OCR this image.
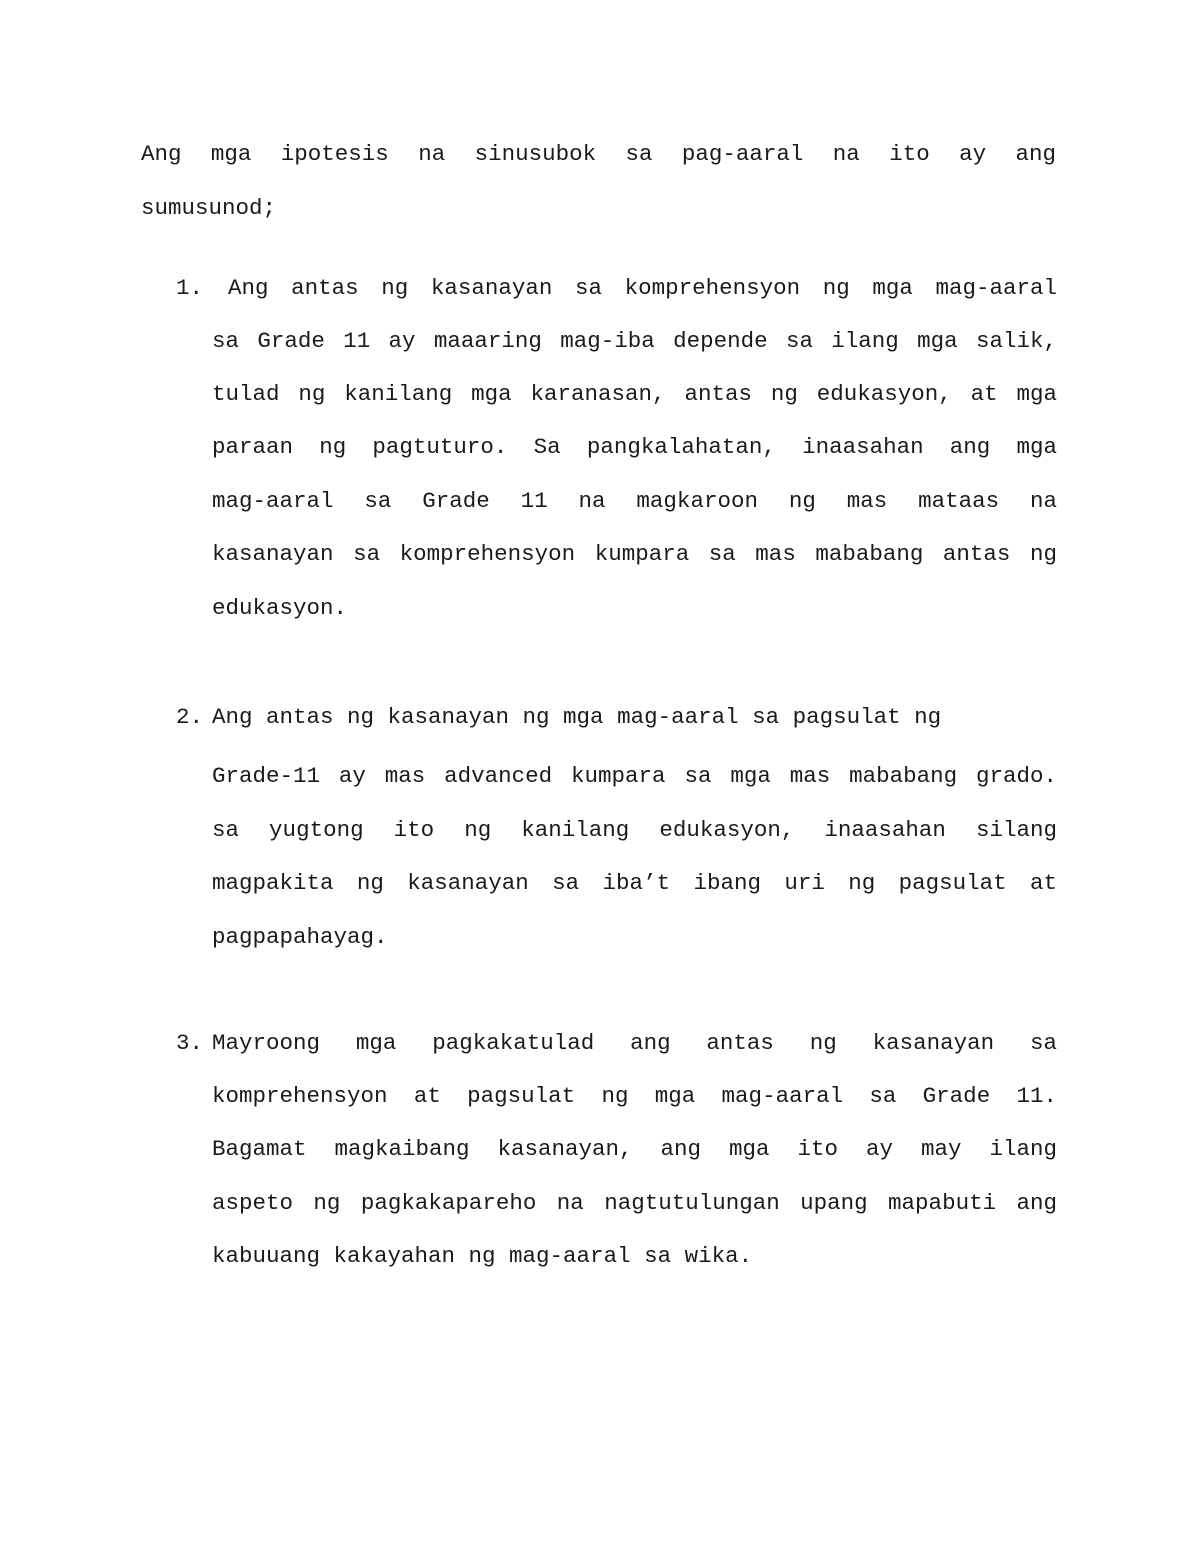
Ang mga ipotesis na sinusubok sa pag-aaral na ito ay ang
sumusunod;
1. Ang antas ng kasanayan sa komprehensyon ng mga mag-aaral
sa Grade 11 ay maaaring mag-iba depende sa ilang mga salik,
tulad ng kanilang mga karanasan, antas ng edukasyon, at mga
paraan ng pagtuturo. Sa pangkalahatan, inaasahan ang mga
mag-aaral sa Grade 11 na magkaroon ng mas mataas na
kasanayan sa komprehensyon kumpara sa mas mababang antas ng
edukasyon.
2. Ang antas ng kasanayan ng mga mag-aaral sa pagsulat ng
Grade-11 ay mas advanced kumpara sa mga mas mababang grado.
sa yugtong ito ng kanilang edukasyon, inaasahan silang
magpakita ng kasanayan sa iba’t ibang uri ng pagsulat at
pagpapahayag.
3. Mayroong mga pagkakatulad ang antas ng kasanayan sa
komprehensyon at pagsulat ng mga mag-aaral sa Grade 11.
Bagamat magkaibang kasanayan, ang mga ito ay may ilang
aspeto ng pagkakapareho na nagtutulungan upang mapabuti ang
kabuuang kakayahan ng mag-aaral sa wika.
